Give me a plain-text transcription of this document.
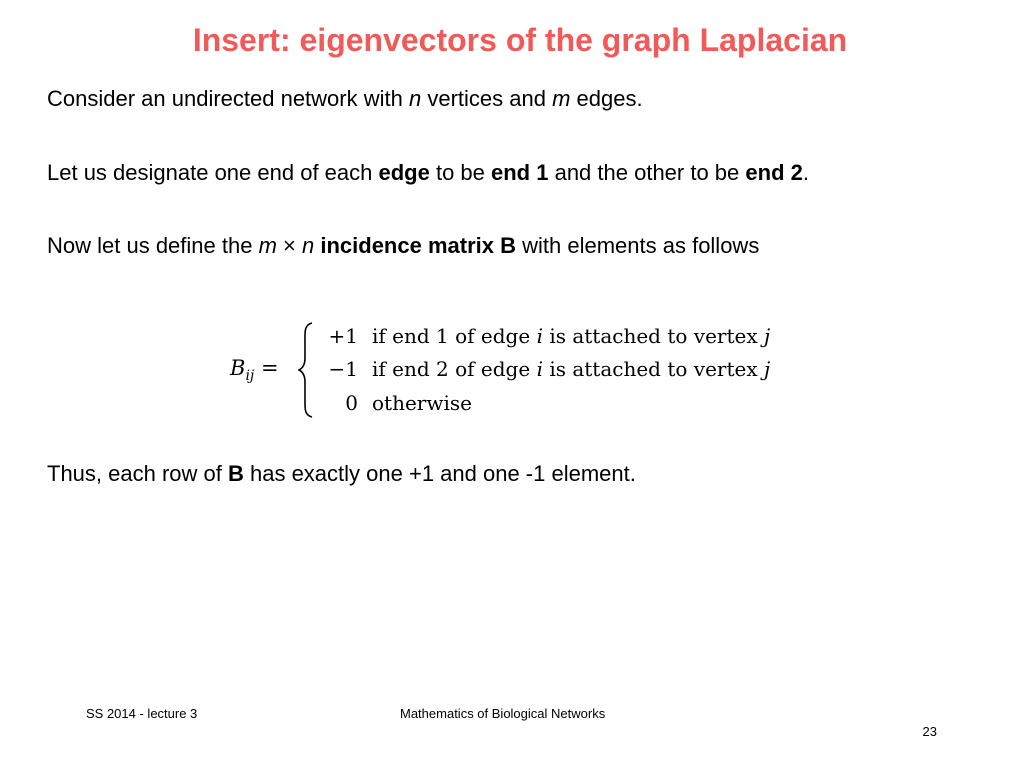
Insert: eigenvectors of the graph Laplacian

Consider an undirected network with n vertices and m edges.

Let us designate one end of each edge to be end 1 and the other to be end 2.

Now let us define the m × n incidence matrix B with elements as follows

$B_{ij}$ =
+1 if end 1 of edge i is attached to vertex j
−1 if end 2 of edge i is attached to vertex j
0 otherwise

Thus, each row of B has exactly one +1 and one -1 element.

SS 2014 - lecture 3	Mathematics of Biological Networks
23
